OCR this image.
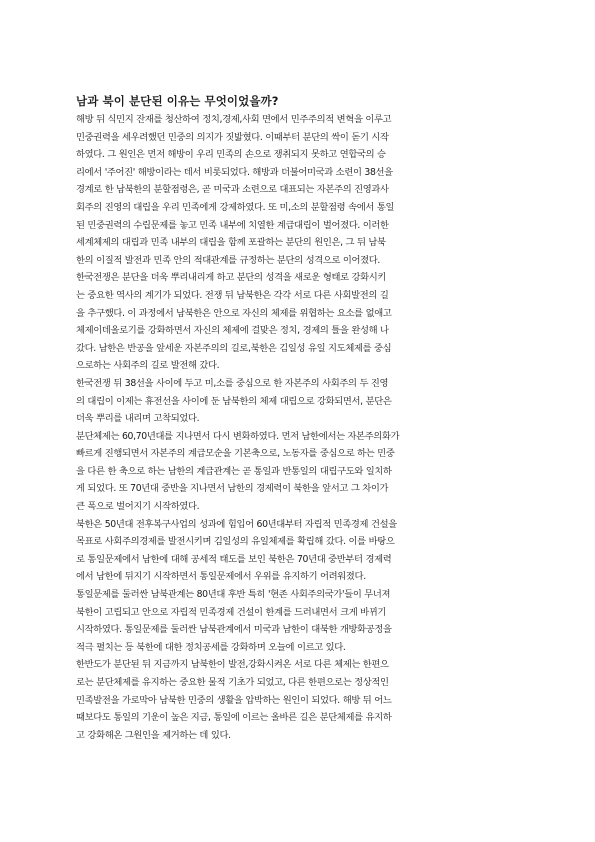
남과 북이 분단된 이유는 무엇이었을까?
해방 뒤 식민지 잔재를 청산하여 정치,경제,사회 면에서 민주주의적 변혁을 이루고
민중권력을 세우려했던 민중의 의지가 짓밟혔다. 이때부터 분단의 싹이 돋기 시작
하였다. 그 원인은 먼저 해방이 우리 민족의 손으로 쟁취되지 못하고 연합국의 승
리에서 '주어진' 해방이라는 데서 비롯되었다. 해방과 더불어미국과 소련이 38선을
경계로 한 남북한의 분할점령은, 곧 미국과 소련으로 대표되는 자본주의 진영과사
회주의 진영의 대립을 우리 민족에게 강제하였다. 또 미,소의 분할점령 속에서 통일
된 민중권력의 수립문제를 놓고 민족 내부에 치열한 계급대립이 벌어졌다. 이러한
세계체제의 대립과 민족 내부의 대립을 함께 포괄하는 분단의 원인은, 그 뒤 남북
한의 이질적 발전과 민족 안의 적대관계를 규정하는 분단의 성격으로 이어졌다.
한국전쟁은 분단을 더욱 뿌리내리게 하고 분단의 성격을 새로운 형태로 강화시키
는 중요한 역사의 계기가 되었다. 전쟁 뒤 남북한은 각각 서로 다른 사회발전의 길
을 추구했다. 이 과정에서 남북한은 안으로 자신의 체제를 위협하는 요소를 없애고
체제이데올로기를 강화하면서 자신의 체제에 걸맞은 정치, 경제의 틀을 완성해 나
갔다. 남한은 반공을 앞세운 자본주의의 길로,북한은 김일성 유일 지도체제를 중심
으로하는 사회주의 길로 발전해 갔다.
한국전쟁 뒤 38선을 사이에 두고 미,소를 중심으로 한 자본주의 사회주의 두 진영
의 대립이 이제는 휴전선을 사이에 둔 남북한의 체제 대립으로 강화되면서, 분단은
더욱 뿌리를 내리며 고착되었다.
분단체제는 60,70년대를 지나면서 다시 변화하였다. 먼저 남한에서는 자본주의화가
빠르게 진행되면서 자본주의 계급모순을 기본축으로, 노동자를 중심으로 하는 민중
을 다른 한 축으로 하는 남한의 계급관계는 곧 통일과 반통일의 대립구도와 일치하
게 되었다. 또 70년대 중반을 지나면서 남한의 경제력이 북한을 앞서고 그 차이가
큰 폭으로 벌어지기 시작하였다.
북한은 50년대 전후복구사업의 성과에 힘입어 60년대부터 자립적 민족경제 건설을
목표로 사회주의경제를 발전시키며 김일성의 유일체제를 확립해 갔다. 이를 바탕으
로 통일문제에서 남한에 대해 공세적 태도를 보인 북한은 70년대 중반부터 경제력
에서 남한에 뒤지기 시작하면서 통일문제에서 우위를 유지하기 어려워졌다.
통일문제를 둘러싼 남북관계는 80년대 후반 특히 '현존 사회주의국가'들이 무너져
북한이 고립되고 안으로 자립적 민족경제 건설이 한계를 드러내면서 크게 바뀌기
시작하였다. 통일문제를 둘러싼 남북관계에서 미국과 남한이 대북한 개방화공정을
적극 펼치는 등 북한에 대한 정치공세를 강화하며 오늘에 이르고 있다.
한반도가 분단된 뒤 지금까지 남북한이 발전,강화시켜온 서로 다른 체제는 한편으
로는 분단체제를 유지하는 중요한 물적 기초가 되었고, 다른 한편으로는 정상적인
민족발전을 가로막아 남북한 민중의 생활을 압박하는 원인이 되었다. 해방 뒤 어느
때보다도 통일의 기운이 높은 지금, 통일에 이르는 올바른 길은 분단체제를 유지하
고 강화해온 그원인을 제거하는 데 있다.
